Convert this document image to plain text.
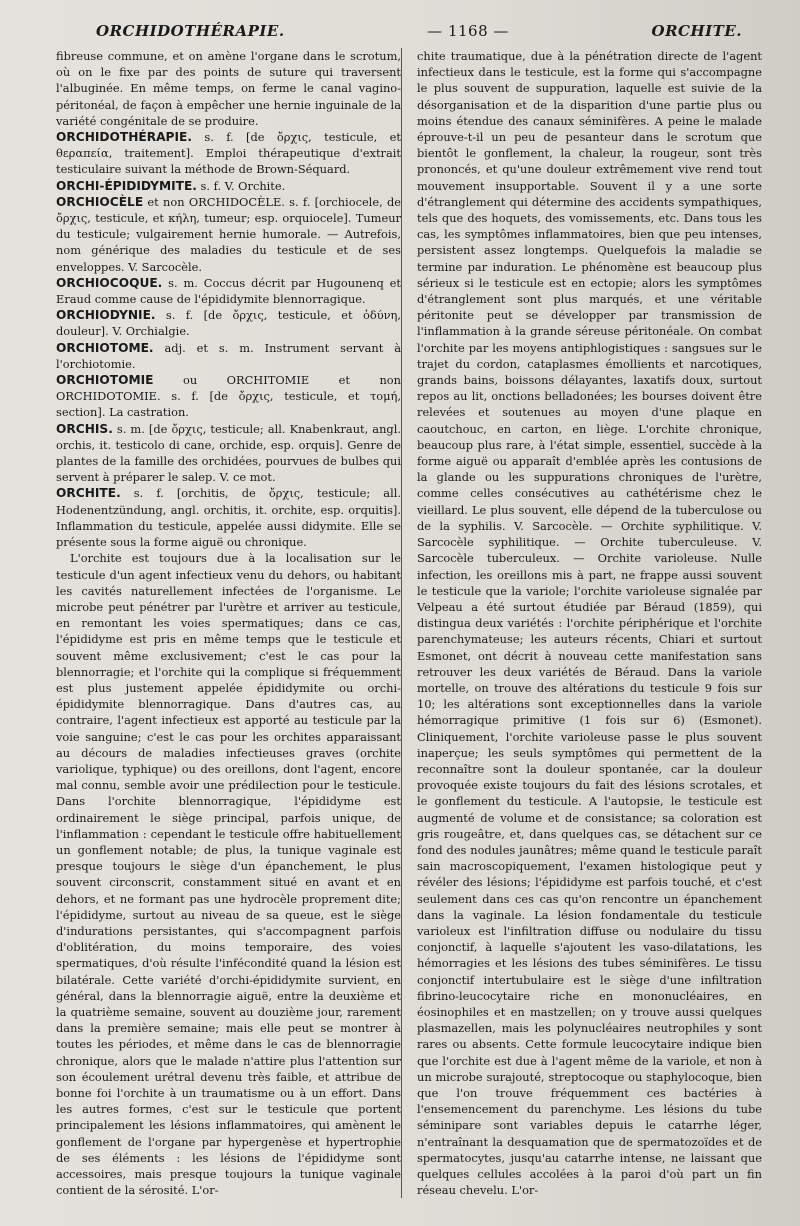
ORCHIDOTHÉRAPIE.	— 1168 —	ORCHITE.

fibreuse commune, et on amène l'organe dans le scrotum, où on le fixe par des points de suture qui traversent l'albuginée. En même temps, on ferme le canal vagino-péritonéal, de façon à empêcher une hernie inguinale de la variété congénitale de se produire.

ORCHIDOTHÉRAPIE. s. f. [de ὄρχις, testicule, et θεραπεία, traitement]. Emploi thérapeutique d'extrait testiculaire suivant la méthode de Brown-Séquard.

ORCHI-ÉPIDIDYMITE. s. f. V. Orchite.

ORCHIOCÈLE et non ORCHIDOCÈLE. s. f. [orchiocele, de ὄρχις, testicule, et κήλη, tumeur; esp. orquiocele]. Tumeur du testicule; vulgairement hernie humorale. — Autrefois, nom générique des maladies du testicule et de ses enveloppes. V. Sarcocèle.

ORCHIOCOQUE. s. m. Coccus décrit par Hugounenq et Eraud comme cause de l'épididymite blennorragique.

ORCHIODYNIE. s. f. [de ὄρχις, testicule, et ὀδύνη, douleur]. V. Orchialgie.

ORCHIOTOME. adj. et s. m. Instrument servant à l'orchiotomie.

ORCHIOTOMIE ou ORCHITOMIE et non ORCHIDOTOMIE. s. f. [de ὄρχις, testicule, et τομή, section]. La castration.

ORCHIS. s. m. [de ὄρχις, testicule; all. Knabenkraut, angl. orchis, it. testicolo di cane, orchide, esp. orquis]. Genre de plantes de la famille des orchidées, pourvues de bulbes qui servent à préparer le salep. V. ce mot.

ORCHITE. s. f. [orchitis, de ὄρχις, testicule; all. Hodenentzündung, angl. orchitis, it. orchite, esp. orquitis]. Inflammation du testicule, appelée aussi didymite. Elle se présente sous la forme aiguë ou chronique.

L'orchite est toujours due à la localisation sur le testicule d'un agent infectieux venu du dehors, ou habitant les cavités naturellement infectées de l'organisme. Le microbe peut pénétrer par l'urètre et arriver au testicule, en remontant les voies spermatiques; dans ce cas, l'épididyme est pris en même temps que le testicule et souvent même exclusivement; c'est le cas pour la blennorragie; et l'orchite qui la complique si fréquemment est plus justement appelée épididymite ou orchi-épididymite blennorragique. Dans d'autres cas, au contraire, l'agent infectieux est apporté au testicule par la voie sanguine; c'est le cas pour les orchites apparaissant au décours de maladies infectieuses graves (orchite variolique, typhique) ou des oreillons, dont l'agent, encore mal connu, semble avoir une prédilection pour le testicule. Dans l'orchite blennorragique, l'épididyme est ordinairement le siège principal, parfois unique, de l'inflammation : cependant le testicule offre habituellement un gonflement notable; de plus, la tunique vaginale est presque toujours le siège d'un épanchement, le plus souvent circonscrit, constamment situé en avant et en dehors, et ne formant pas une hydrocèle proprement dite; l'épididyme, surtout au niveau de sa queue, est le siège d'indurations persistantes, qui s'accompagnent parfois d'oblitération, du moins temporaire, des voies spermatiques, d'où résulte l'infécondité quand la lésion est bilatérale. Cette variété d'orchi-épididymite survient, en général, dans la blennorragie aiguë, entre la deuxième et la quatrième semaine, souvent au douzième jour, rarement dans la première semaine; mais elle peut se montrer à toutes les périodes, et même dans le cas de blennorragie chronique, alors que le malade n'attire plus l'attention sur son écoulement urétral devenu très faible, et attribue de bonne foi l'orchite à un traumatisme ou à un effort. Dans les autres formes, c'est sur le testicule que portent principalement les lésions inflammatoires, qui amènent le gonflement de l'organe par hypergenèse et hypertrophie de ses éléments : les lésions de l'épididyme sont accessoires, mais presque toujours la tunique vaginale contient de la sérosité. L'or-

chite traumatique, due à la pénétration directe de l'agent infectieux dans le testicule, est la forme qui s'accompagne le plus souvent de suppuration, laquelle est suivie de la désorganisation et de la disparition d'une partie plus ou moins étendue des canaux séminifères. A peine le malade éprouve-t-il un peu de pesanteur dans le scrotum que bientôt le gonflement, la chaleur, la rougeur, sont très prononcés, et qu'une douleur extrêmement vive rend tout mouvement insupportable. Souvent il y a une sorte d'étranglement qui détermine des accidents sympathiques, tels que des hoquets, des vomissements, etc. Dans tous les cas, les symptômes inflammatoires, bien que peu intenses, persistent assez longtemps. Quelquefois la maladie se termine par induration. Le phénomène est beaucoup plus sérieux si le testicule est en ectopie; alors les symptômes d'étranglement sont plus marqués, et une véritable péritonite peut se développer par transmission de l'inflammation à la grande séreuse péritonéale. On combat l'orchite par les moyens antiphlogistiques : sangsues sur le trajet du cordon, cataplasmes émollients et narcotiques, grands bains, boissons délayantes, laxatifs doux, surtout repos au lit, onctions belladonées; les bourses doivent être relevées et soutenues au moyen d'une plaque en caoutchouc, en carton, en liège. L'orchite chronique, beaucoup plus rare, à l'état simple, essentiel, succède à la forme aiguë ou apparaît d'emblée après les contusions de la glande ou les suppurations chroniques de l'urètre, comme celles consécutives au cathétérisme chez le vieillard. Le plus souvent, elle dépend de la tuberculose ou de la syphilis. V. Sarcocèle. — Orchite syphilitique. V. Sarcocèle syphilitique. — Orchite tuberculeuse. V. Sarcocèle tuberculeux. — Orchite varioleuse. Nulle infection, les oreillons mis à part, ne frappe aussi souvent le testicule que la variole; l'orchite varioleuse signalée par Velpeau a été surtout étudiée par Béraud (1859), qui distingua deux variétés : l'orchite périphérique et l'orchite parenchymateuse; les auteurs récents, Chiari et surtout Esmonet, ont décrit à nouveau cette manifestation sans retrouver les deux variétés de Béraud. Dans la variole mortelle, on trouve des altérations du testicule 9 fois sur 10; les altérations sont exceptionnelles dans la variole hémorragique primitive (1 fois sur 6) (Esmonet). Cliniquement, l'orchite varioleuse passe le plus souvent inaperçue; les seuls symptômes qui permettent de la reconnaître sont la douleur spontanée, car la douleur provoquée existe toujours du fait des lésions scrotales, et le gonflement du testicule. A l'autopsie, le testicule est augmenté de volume et de consistance; sa coloration est gris rougeâtre, et, dans quelques cas, se détachent sur ce fond des nodules jaunâtres; même quand le testicule paraît sain macroscopiquement, l'examen histologique peut y révéler des lésions; l'épididyme est parfois touché, et c'est seulement dans ces cas qu'on rencontre un épanchement dans la vaginale. La lésion fondamentale du testicule varioleux est l'infiltration diffuse ou nodulaire du tissu conjonctif, à laquelle s'ajoutent les vaso-dilatations, les hémorragies et les lésions des tubes séminifères. Le tissu conjonctif intertubulaire est le siège d'une infiltration fibrino-leucocytaire riche en mononucléaires, en éosinophiles et en mastzellen; on y trouve aussi quelques plasmazellen, mais les polynucléaires neutrophiles y sont rares ou absents. Cette formule leucocytaire indique bien que l'orchite est due à l'agent même de la variole, et non à un microbe surajouté, streptocoque ou staphylocoque, bien que l'on trouve fréquemment ces bactéries à l'ensemencement du parenchyme. Les lésions du tube séminipare sont variables depuis le catarrhe léger, n'entraînant la desquamation que de spermatozoïdes et de spermatocytes, jusqu'au catarrhe intense, ne laissant que quelques cellules accolées à la paroi d'où part un fin réseau chevelu. L'or-
